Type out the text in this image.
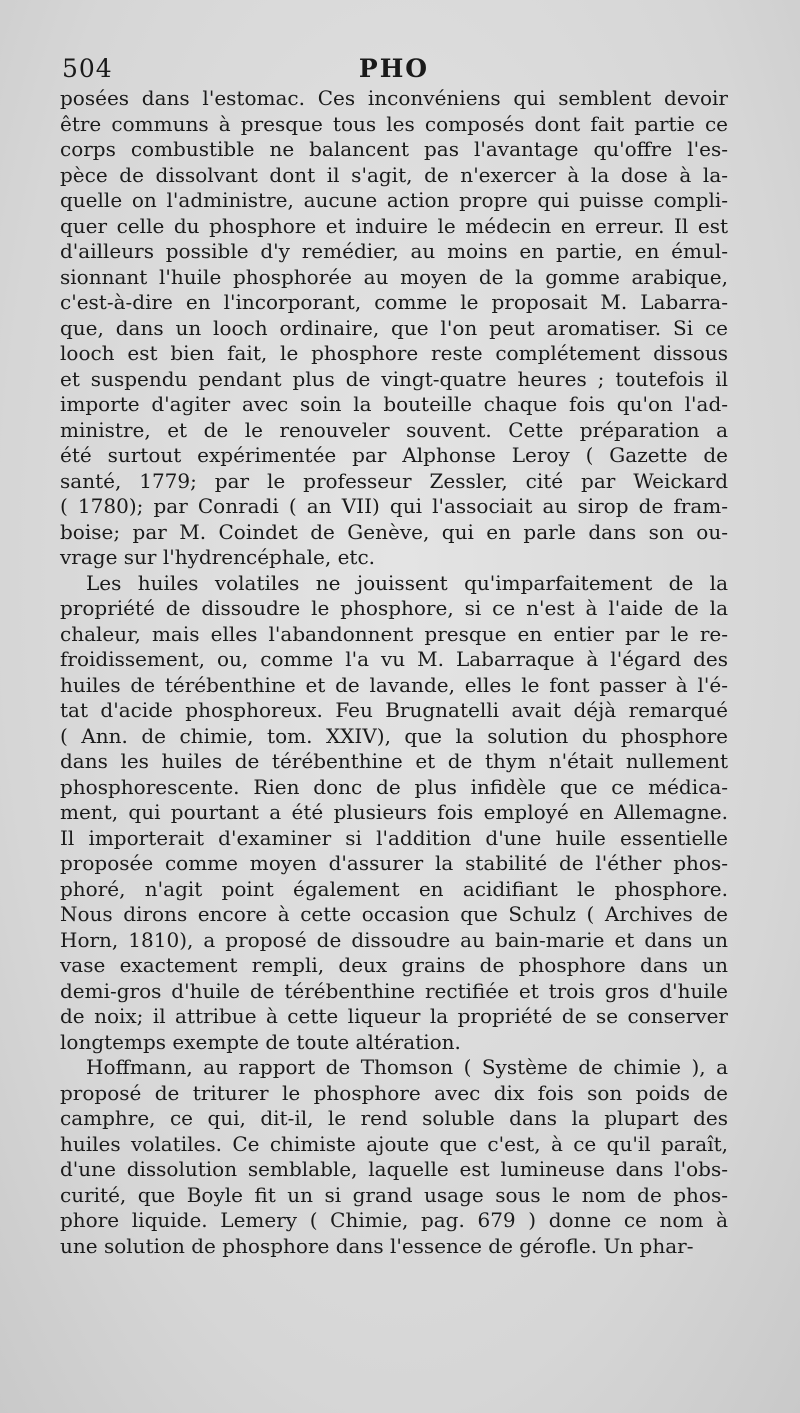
504	PHO
posées dans l'estomac. Ces inconvéniens qui semblent devoir
être communs à presque tous les composés dont fait partie ce
corps combustible ne balancent pas l'avantage qu'offre l'es-
pèce de dissolvant dont il s'agit, de n'exercer à la dose à la-
quelle on l'administre, aucune action propre qui puisse compli-
quer celle du phosphore et induire le médecin en erreur. Il est
d'ailleurs possible d'y remédier, au moins en partie, en émul-
sionnant l'huile phosphorée au moyen de la gomme arabique,
c'est-à-dire en l'incorporant, comme le proposait M. Labarra-
que, dans un looch ordinaire, que l'on peut aromatiser. Si ce
looch est bien fait, le phosphore reste complétement dissous
et suspendu pendant plus de vingt-quatre heures ; toutefois il
importe d'agiter avec soin la bouteille chaque fois qu'on l'ad-
ministre, et de le renouveler souvent. Cette préparation a
été surtout expérimentée par Alphonse Leroy ( Gazette de
santé, 1779; par le professeur Zessler, cité par Weickard
( 1780); par Conradi ( an VII) qui l'associait au sirop de fram-
boise; par M. Coindet de Genève, qui en parle dans son ou-
vrage sur l'hydrencéphale, etc.
Les huiles volatiles ne jouissent qu'imparfaitement de la
propriété de dissoudre le phosphore, si ce n'est à l'aide de la
chaleur, mais elles l'abandonnent presque en entier par le re-
froidissement, ou, comme l'a vu M. Labarraque à l'égard des
huiles de térébenthine et de lavande, elles le font passer à l'é-
tat d'acide phosphoreux. Feu Brugnatelli avait déjà remarqué
( Ann. de chimie, tom. XXIV), que la solution du phosphore
dans les huiles de térébenthine et de thym n'était nullement
phosphorescente. Rien donc de plus infidèle que ce médica-
ment, qui pourtant a été plusieurs fois employé en Allemagne.
Il importerait d'examiner si l'addition d'une huile essentielle
proposée comme moyen d'assurer la stabilité de l'éther phos-
phoré, n'agit point également en acidifiant le phosphore.
Nous dirons encore à cette occasion que Schulz ( Archives de
Horn, 1810), a proposé de dissoudre au bain-marie et dans un
vase exactement rempli, deux grains de phosphore dans un
demi-gros d'huile de térébenthine rectifiée et trois gros d'huile
de noix; il attribue à cette liqueur la propriété de se conserver
longtemps exempte de toute altération.
Hoffmann, au rapport de Thomson ( Système de chimie ), a
proposé de triturer le phosphore avec dix fois son poids de
camphre, ce qui, dit-il, le rend soluble dans la plupart des
huiles volatiles. Ce chimiste ajoute que c'est, à ce qu'il paraît,
d'une dissolution semblable, laquelle est lumineuse dans l'obs-
curité, que Boyle fit un si grand usage sous le nom de phos-
phore liquide. Lemery ( Chimie, pag. 679 ) donne ce nom à
une solution de phosphore dans l'essence de gérofle. Un phar-
